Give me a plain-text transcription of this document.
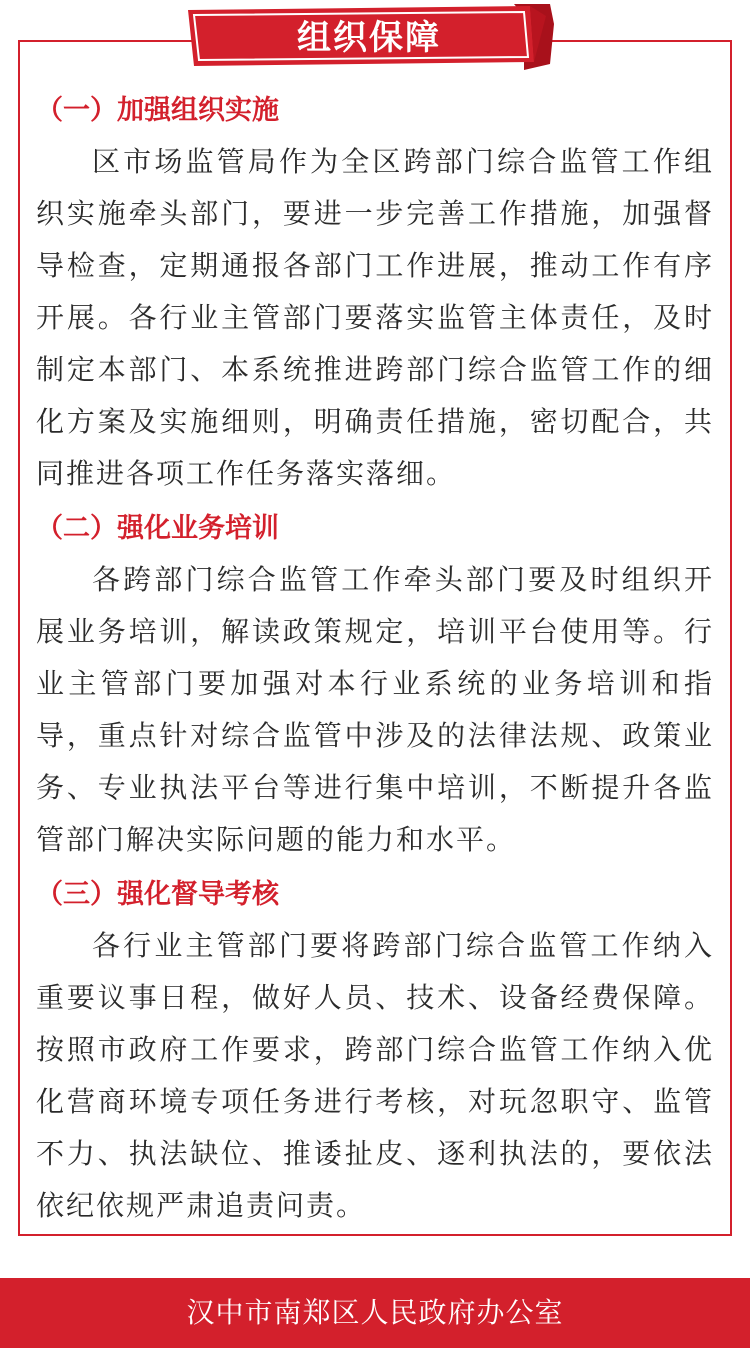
组织保障

（一）加强组织实施

区市场监管局作为全区跨部门综合监管工作组织实施牵头部门，要进一步完善工作措施，加强督导检查，定期通报各部门工作进展，推动工作有序开展。各行业主管部门要落实监管主体责任，及时制定本部门、本系统推进跨部门综合监管工作的细化方案及实施细则，明确责任措施，密切配合，共同推进各项工作任务落实落细。

（二）强化业务培训

各跨部门综合监管工作牵头部门要及时组织开展业务培训，解读政策规定，培训平台使用等。行业主管部门要加强对本行业系统的业务培训和指导，重点针对综合监管中涉及的法律法规、政策业务、专业执法平台等进行集中培训，不断提升各监管部门解决实际问题的能力和水平。

（三）强化督导考核

各行业主管部门要将跨部门综合监管工作纳入重要议事日程，做好人员、技术、设备经费保障。按照市政府工作要求，跨部门综合监管工作纳入优化营商环境专项任务进行考核，对玩忽职守、监管不力、执法缺位、推诿扯皮、逐利执法的，要依法依纪依规严肃追责问责。

汉中市南郑区人民政府办公室
